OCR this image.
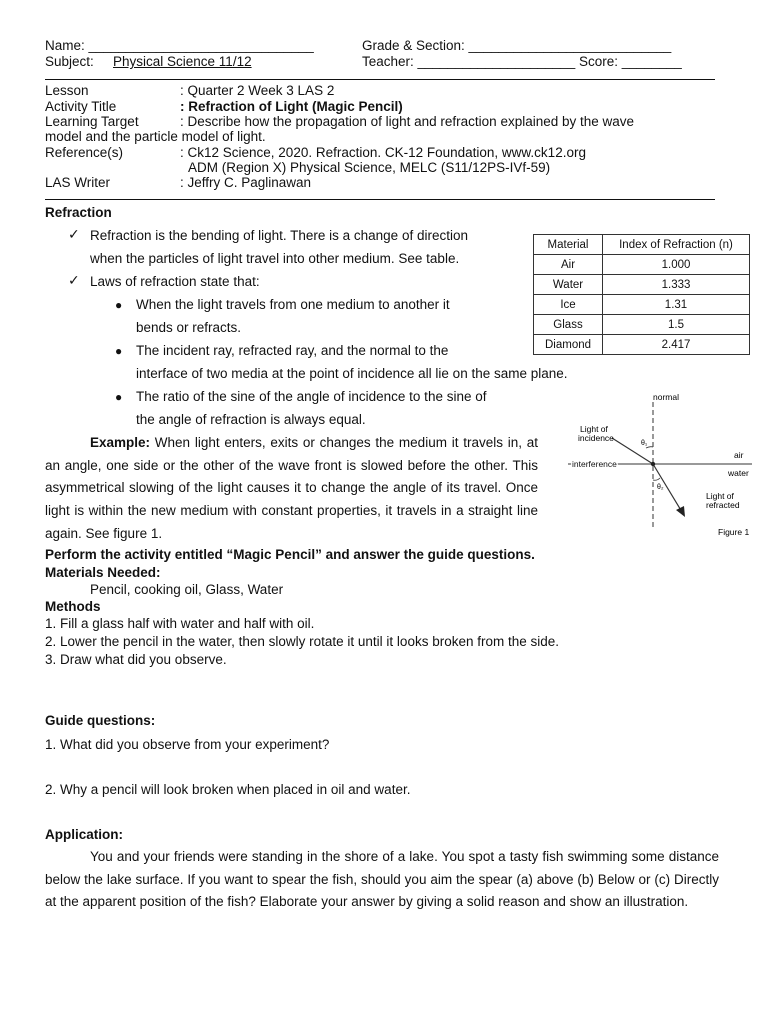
Name: ______________________________	Grade & Section: ___________________________
Subject: Physical Science 11/12	Teacher: _____________________ Score: ________
Lesson	: Quarter 2 Week 3 LAS 2
Activity Title	: Refraction of Light (Magic Pencil)
Learning Target	: Describe how the propagation of light and refraction explained by the wave
model and the particle model of light.
Reference(s)	: Ck12 Science, 2020. Refraction. CK-12 Foundation, www.ck12.org
ADM (Region X) Physical Science, MELC (S11/12PS-IVf-59)
LAS Writer	: Jeffry C. Paglinawan
Refraction
✓ Refraction is the bending of light. There is a change of direction
when the particles of light travel into other medium. See table.
✓ Laws of refraction state that:
● When the light travels from one medium to another it
bends or refracts.
● The incident ray, refracted ray, and the normal to the
interface of two media at the point of incidence all lie on the same plane.
● The ratio of the sine of the angle of incidence to the sine of
the angle of refraction is always equal.
Example: When light enters, exits or changes the medium it travels in, at an angle, one side or the other of the wave front is slowed before the other. This asymmetrical slowing of the light causes it to change the angle of its travel. Once light is within the new medium with constant properties, it travels in a straight line again. See figure 1.
Material	Index of Refraction (n)
Air	1.000
Water	1.333
Ice	1.31
Glass	1.5
Diamond	2.417
normal
Light of
incidence
interference
air
water
Light of
refracted
θ₁
θ₂
Figure 1
Perform the activity entitled “Magic Pencil” and answer the guide questions.
Materials Needed:
Pencil, cooking oil, Glass, Water
Methods
1. Fill a glass half with water and half with oil.
2. Lower the pencil in the water, then slowly rotate it until it looks broken from the side.
3. Draw what did you observe.
Guide questions:
1. What did you observe from your experiment?
2. Why a pencil will look broken when placed in oil and water.
Application:
You and your friends were standing in the shore of a lake. You spot a tasty fish swimming some distance below the lake surface. If you want to spear the fish, should you aim the spear (a) above (b) Below or (c) Directly at the apparent position of the fish? Elaborate your answer by giving a solid reason and show an illustration.
